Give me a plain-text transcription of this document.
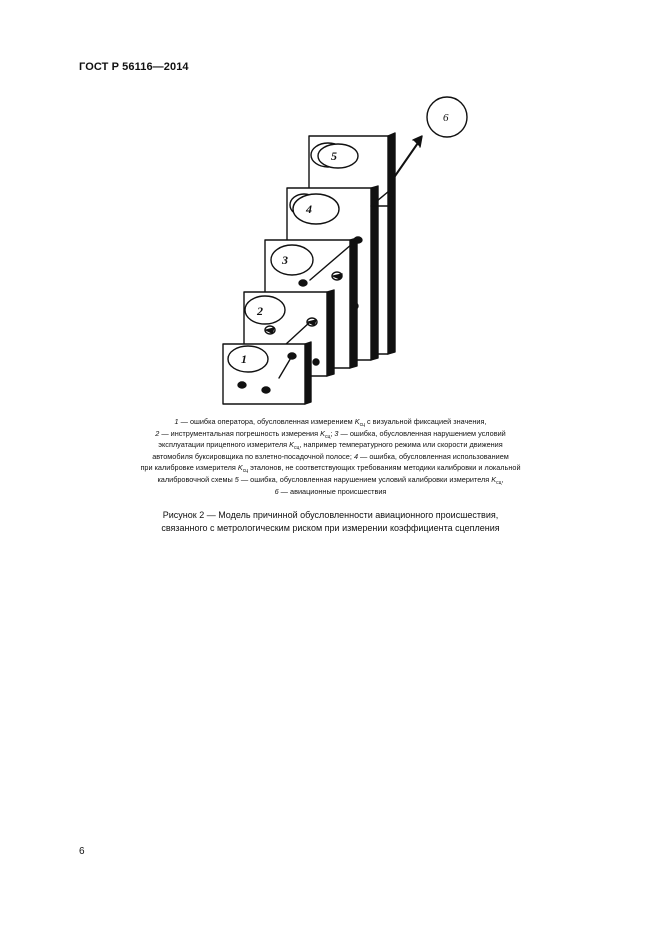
ГОСТ Р 56116—2014
5
4
3
2
1
6
1 — ошибка оператора, обусловленная измерением $K_{сц}$ с визуальной фиксацией значения,
2 — инструментальная погрешность измерения $K_{сц}$; 3 — ошибка, обусловленная нарушением условий
эксплуатации прицепного измерителя $K_{сц}$, например температурного режима или скорости движения
автомобиля буксировщика по взлетно-посадочной полосе; 4 — ошибка, обусловленная использованием
при калибровке измерителя $K_{сц}$ эталонов, не соответствующих требованиям методики калибровки и локальной
калибровочной схемы 5 — ошибка, обусловленная нарушением условий калибровки измерителя $K_{сц}$,
6 — авиационные происшествия
Рисунок 2 — Модель причинной обусловленности авиационного происшествия,
связанного с метрологическим риском при измерении коэффициента сцепления
6
